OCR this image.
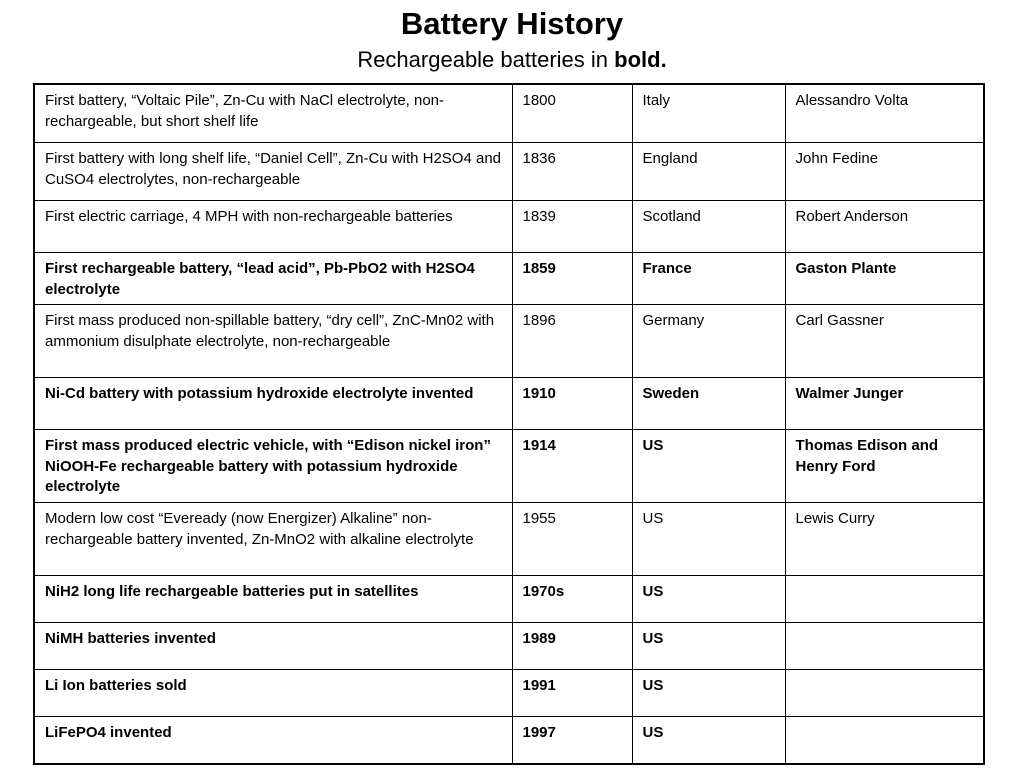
Battery History

Rechargeable batteries in bold.

First battery, “Voltaic Pile”, Zn-Cu with NaCl electrolyte, non-rechargeable, but short shelf life	1800	Italy	Alessandro Volta
First battery with long shelf life, “Daniel Cell”, Zn-Cu with H2SO4 and CuSO4 electrolytes, non-rechargeable	1836	England	John Fedine
First electric carriage, 4 MPH with non-rechargeable batteries	1839	Scotland	Robert Anderson
First rechargeable battery, “lead acid”, Pb-PbO2 with H2SO4 electrolyte	1859	France	Gaston Plante
First mass produced non-spillable battery, “dry cell”, ZnC-Mn02 with ammonium disulphate electrolyte, non-rechargeable	1896	Germany	Carl Gassner
Ni-Cd battery with potassium hydroxide electrolyte invented	1910	Sweden	Walmer Junger
First mass produced electric vehicle, with “Edison nickel iron” NiOOH-Fe rechargeable battery with potassium hydroxide electrolyte	1914	US	Thomas Edison and Henry Ford
Modern low cost “Eveready (now Energizer) Alkaline” non-rechargeable battery invented, Zn-MnO2 with alkaline electrolyte	1955	US	Lewis Curry
NiH2 long life rechargeable batteries put in satellites	1970s	US	
NiMH batteries invented	1989	US	
Li Ion batteries sold	1991	US	
LiFePO4 invented	1997	US	
